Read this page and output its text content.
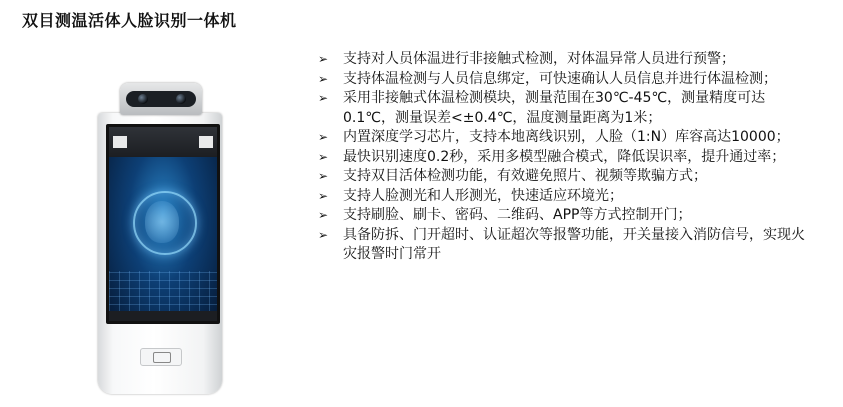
双目测温活体人脸识别一体机
➢ 支持对人员体温进行非接触式检测，对体温异常人员进行预警；
➢ 支持体温检测与人员信息绑定，可快速确认人员信息并进行体温检测；
➢ 采用非接触式体温检测模块，测量范围在30℃-45℃，测量精度可达0.1℃，测量误差<±0.4℃，温度测量距离为1米；
➢ 内置深度学习芯片，支持本地离线识别，人脸（1:N）库容高达10000；
➢ 最快识别速度0.2秒，采用多模型融合模式，降低误识率，提升通过率；
➢ 支持双目活体检测功能，有效避免照片、视频等欺骗方式；
➢ 支持人脸测光和人形测光，快速适应环境光；
➢ 支持刷脸、刷卡、密码、二维码、APP等方式控制开门；
➢ 具备防拆、门开超时、认证超次等报警功能，开关量接入消防信号，实现火灾报警时门常开
